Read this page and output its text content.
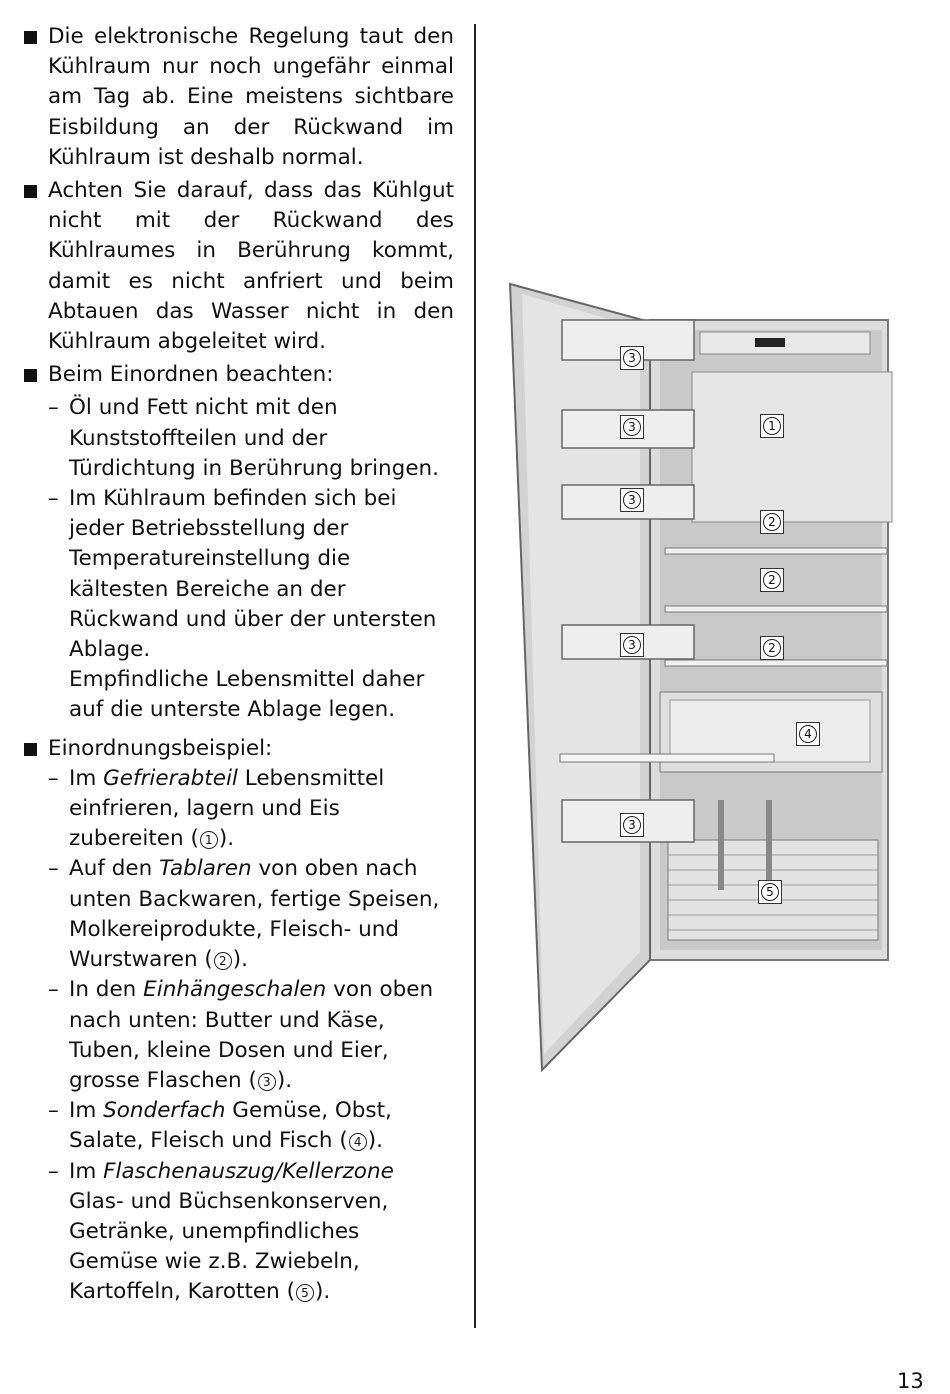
Die elektronische Regelung taut den Kühlraum nur noch ungefähr einmal am Tag ab. Eine meistens sichtbare Eisbildung an der Rückwand im Kühlraum ist deshalb normal.
Achten Sie darauf, dass das Kühlgut nicht mit der Rückwand des Kühlraumes in Berührung kommt, damit es nicht anfriert und beim Abtauen das Wasser nicht in den Kühlraum abgeleitet wird.
Beim Einordnen beachten:
– Öl und Fett nicht mit den Kunststoffteilen und der Türdichtung in Berührung bringen.
– Im Kühlraum befinden sich bei jeder Betriebsstellung der Temperatureinstellung die kältesten Bereiche an der Rückwand und über der untersten Ablage.
Empfindliche Lebensmittel daher auf die unterste Ablage legen.
Einordnungsbeispiel:
– Im Gefrierabteil Lebensmittel einfrieren, lagern und Eis zubereiten ( 1 ).
– Auf den Tablaren von oben nach unten Backwaren, fertige Speisen, Molkereiprodukte, Fleisch- und Wurstwaren ( 2 ).
– In den Einhängeschalen von oben nach unten: Butter und Käse, Tuben, kleine Dosen und Eier, grosse Flaschen ( 3 ).
– Im Sonderfach Gemüse, Obst, Salate, Fleisch und Fisch ( 4 ).
– Im Flaschenauszug/Kellerzone Glas- und Büchsenkonserven, Getränke, unempfindliches Gemüse wie z.B. Zwiebeln, Kartoffeln, Karotten ( 5 ).
3
3
3
3
3
1
2
2
2
4
5
13
